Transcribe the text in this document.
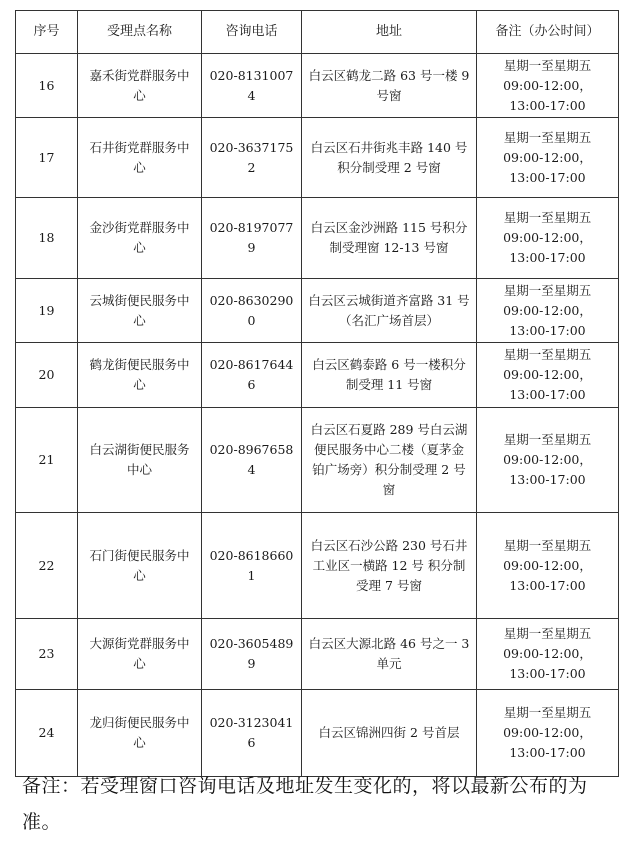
序号	受理点名称	咨询电话	地址	备注（办公时间）
16	嘉禾街党群服务中心	020-81310074	白云区鹤龙二路 63 号一楼 9 号窗	星期一至星期五
09:00-12:00，
13:00-17:00

17	石井街党群服务中心	020-36371752	白云区石井街兆丰路 140 号积分制受理 2 号窗	星期一至星期五
09:00-12:00，
13:00-17:00

18	金沙街党群服务中心	020-81970779	白云区金沙洲路 115 号积分制受理窗 12-13 号窗	星期一至星期五
09:00-12:00，
13:00-17:00

19	云城街便民服务中心	020-86302900	白云区云城街道齐富路 31 号（名汇广场首层）	星期一至星期五
09:00-12:00，
13:00-17:00

20	鹤龙街便民服务中心	020-86176446	白云区鹤泰路 6 号一楼积分制受理 11 号窗	星期一至星期五
09:00-12:00，
13:00-17:00

21	白云湖街便民服务中心	020-89676584	白云区石夏路 289 号白云湖便民服务中心二楼（夏茅金铂广场旁）积分制受理 2 号窗	星期一至星期五
09:00-12:00，
13:00-17:00

22	石门街便民服务中心	020-86186601	白云区石沙公路 230 号石井工业区一横路 12 号 积分制受理 7 号窗	星期一至星期五
09:00-12:00，
13:00-17:00

23	大源街党群服务中心	020-36054899	白云区大源北路 46 号之一 3 单元	星期一至星期五
09:00-12:00，
13:00-17:00

24	龙归街便民服务中心	020-31230416	白云区锦洲四街 2 号首层	星期一至星期五
09:00-12:00，
13:00-17:00
备注：若受理窗口咨询电话及地址发生变化的，将以最新公布的为准。
